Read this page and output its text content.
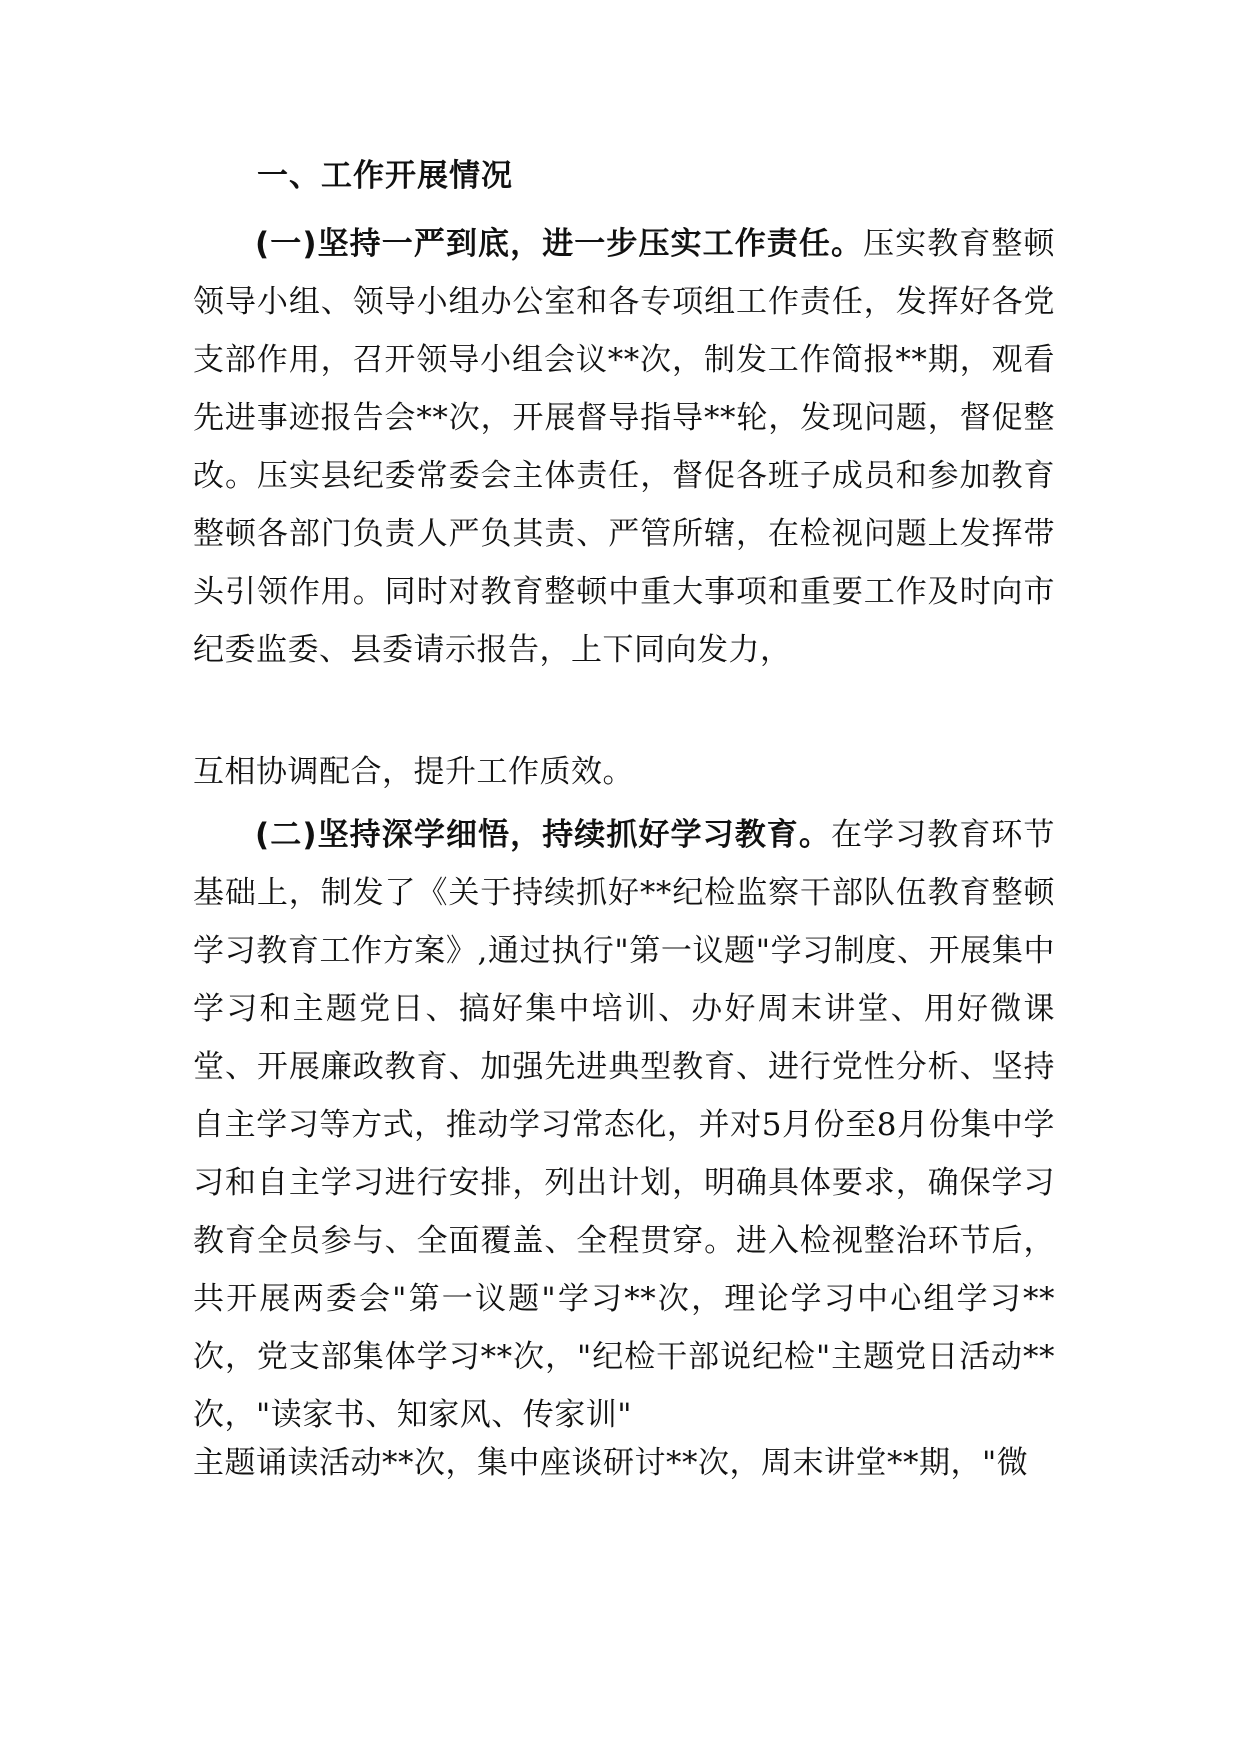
一、工作开展情况
(一)坚持一严到底，进一步压实工作责任。压实教育整顿领导小组、领导小组办公室和各专项组工作责任，发挥好各党支部作用，召开领导小组会议**次，制发工作简报**期，观看先进事迹报告会**次，开展督导指导**轮，发现问题，督促整改。压实县纪委常委会主体责任，督促各班子成员和参加教育整顿各部门负责人严负其责、严管所辖，在检视问题上发挥带头引领作用。同时对教育整顿中重大事项和重要工作及时向市纪委监委、县委请示报告，上下同向发力，
互相协调配合，提升工作质效。
(二)坚持深学细悟，持续抓好学习教育。在学习教育环节基础上，制发了《关于持续抓好**纪检监察干部队伍教育整顿学习教育工作方案》,通过执行"第一议题"学习制度、开展集中学习和主题党日、搞好集中培训、办好周末讲堂、用好微课堂、开展廉政教育、加强先进典型教育、进行党性分析、坚持自主学习等方式，推动学习常态化，并对5月份至8月份集中学习和自主学习进行安排，列出计划，明确具体要求，确保学习教育全员参与、全面覆盖、全程贯穿。进入检视整治环节后，共开展两委会"第一议题"学习**次，理论学习中心组学习**次，党支部集体学习**次，"纪检干部说纪检"主题党日活动**次，"读家书、知家风、传家训"
主题诵读活动**次，集中座谈研讨**次，周末讲堂**期，"微
